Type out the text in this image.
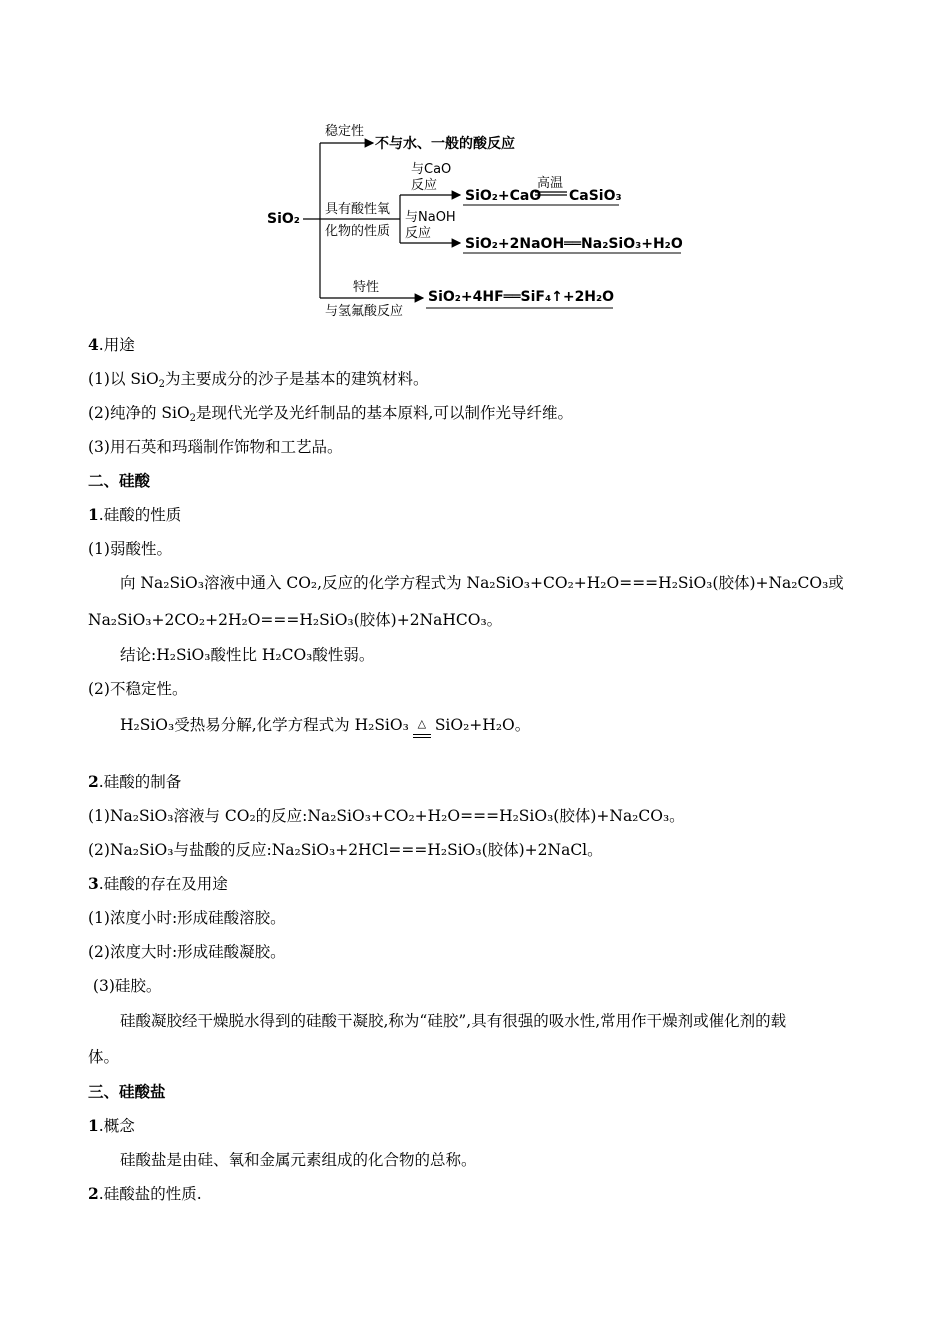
SiO₂
稳定性
不与水、一般的酸反应
具有酸性氧
化物的性质
与CaO
反应
SiO₂+CaO
高温
CaSiO₃
与NaOH
反应
SiO₂+2NaOH══Na₂SiO₃+H₂O
特性
与氢氟酸反应
SiO₂+4HF══SiF₄↑+2H₂O
4.用途
(1)以 SiO$_2$为主要成分的沙子是基本的建筑材料。
(2)纯净的 SiO$_2$是现代光学及光纤制品的基本原料,可以制作光导纤维。
(3)用石英和玛瑙制作饰物和工艺品。
二、硅酸
1.硅酸的性质
(1)弱酸性。
向 Na₂SiO₃溶液中通入 CO₂,反应的化学方程式为 Na₂SiO₃+CO₂+H₂O===H₂SiO₃(胶体)+Na₂CO₃或
Na₂SiO₃+2CO₂+2H₂O===H₂SiO₃(胶体)+2NaHCO₃。
结论:H₂SiO₃酸性比 H₂CO₃酸性弱。
(2)不稳定性。
H₂SiO₃受热易分解,化学方程式为 H₂SiO₃ △ SiO₂+H₂O。
2.硅酸的制备
(1)Na₂SiO₃溶液与 CO₂的反应:Na₂SiO₃+CO₂+H₂O===H₂SiO₃(胶体)+Na₂CO₃。
(2)Na₂SiO₃与盐酸的反应:Na₂SiO₃+2HCl===H₂SiO₃(胶体)+2NaCl。
3.硅酸的存在及用途
(1)浓度小时:形成硅酸溶胶。
(2)浓度大时:形成硅酸凝胶。
(3)硅胶。
硅酸凝胶经干燥脱水得到的硅酸干凝胶,称为“硅胶”,具有很强的吸水性,常用作干燥剂或催化剂的载
体。
三、硅酸盐
1.概念
硅酸盐是由硅、氧和金属元素组成的化合物的总称。
2.硅酸盐的性质.
